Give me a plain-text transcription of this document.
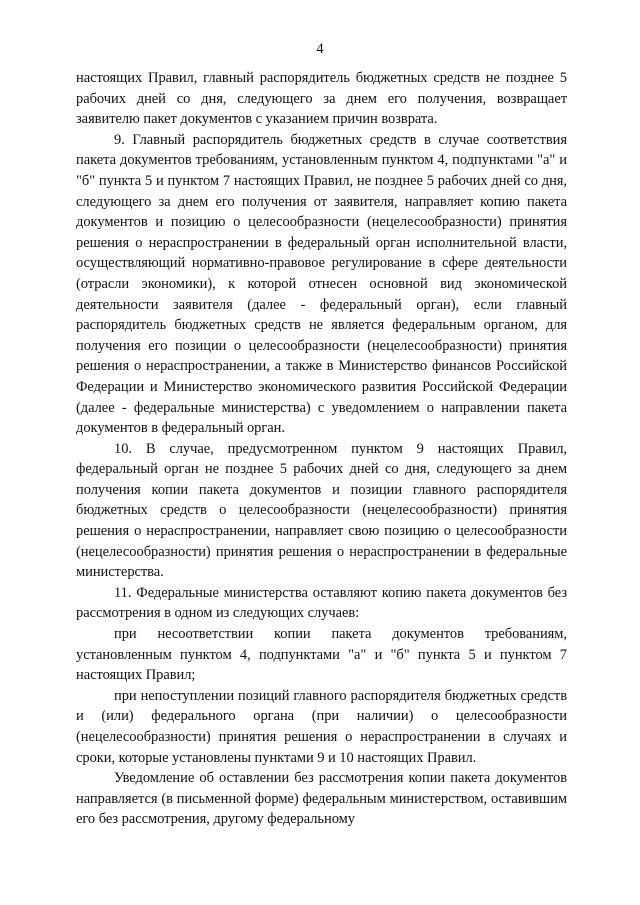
4

настоящих Правил, главный распорядитель бюджетных средств не позднее 5 рабочих дней со дня, следующего за днем его получения, возвращает заявителю пакет документов с указанием причин возврата.

9. Главный распорядитель бюджетных средств в случае соответствия пакета документов требованиям, установленным пунктом 4, подпунктами "а" и "б" пункта 5 и пунктом 7 настоящих Правил, не позднее 5 рабочих дней со дня, следующего за днем его получения от заявителя, направляет копию пакета документов и позицию о целесообразности (нецелесообразности) принятия решения о нераспространении в федеральный орган исполнительной власти, осуществляющий нормативно-правовое регулирование в сфере деятельности (отрасли экономики), к которой отнесен основной вид экономической деятельности заявителя (далее - федеральный орган), если главный распорядитель бюджетных средств не является федеральным органом, для получения его позиции о целесообразности (нецелесообразности) принятия решения о нераспространении, а также в Министерство финансов Российской Федерации и Министерство экономического развития Российской Федерации (далее - федеральные министерства) с уведомлением о направлении пакета документов в федеральный орган.

10. В случае, предусмотренном пунктом 9 настоящих Правил, федеральный орган не позднее 5 рабочих дней со дня, следующего за днем получения копии пакета документов и позиции главного распорядителя бюджетных средств о целесообразности (нецелесообразности) принятия решения о нераспространении, направляет свою позицию о целесообразности (нецелесообразности) принятия решения о нераспространении в федеральные министерства.

11. Федеральные министерства оставляют копию пакета документов без рассмотрения в одном из следующих случаев:

при несоответствии копии пакета документов требованиям, установленным пунктом 4, подпунктами "а" и "б" пункта 5 и пунктом 7 настоящих Правил;

при непоступлении позиций главного распорядителя бюджетных средств и (или) федерального органа (при наличии) о целесообразности (нецелесообразности) принятия решения о нераспространении в случаях и сроки, которые установлены пунктами 9 и 10 настоящих Правил.

Уведомление об оставлении без рассмотрения копии пакета документов направляется (в письменной форме) федеральным министерством, оставившим его без рассмотрения, другому федеральному
